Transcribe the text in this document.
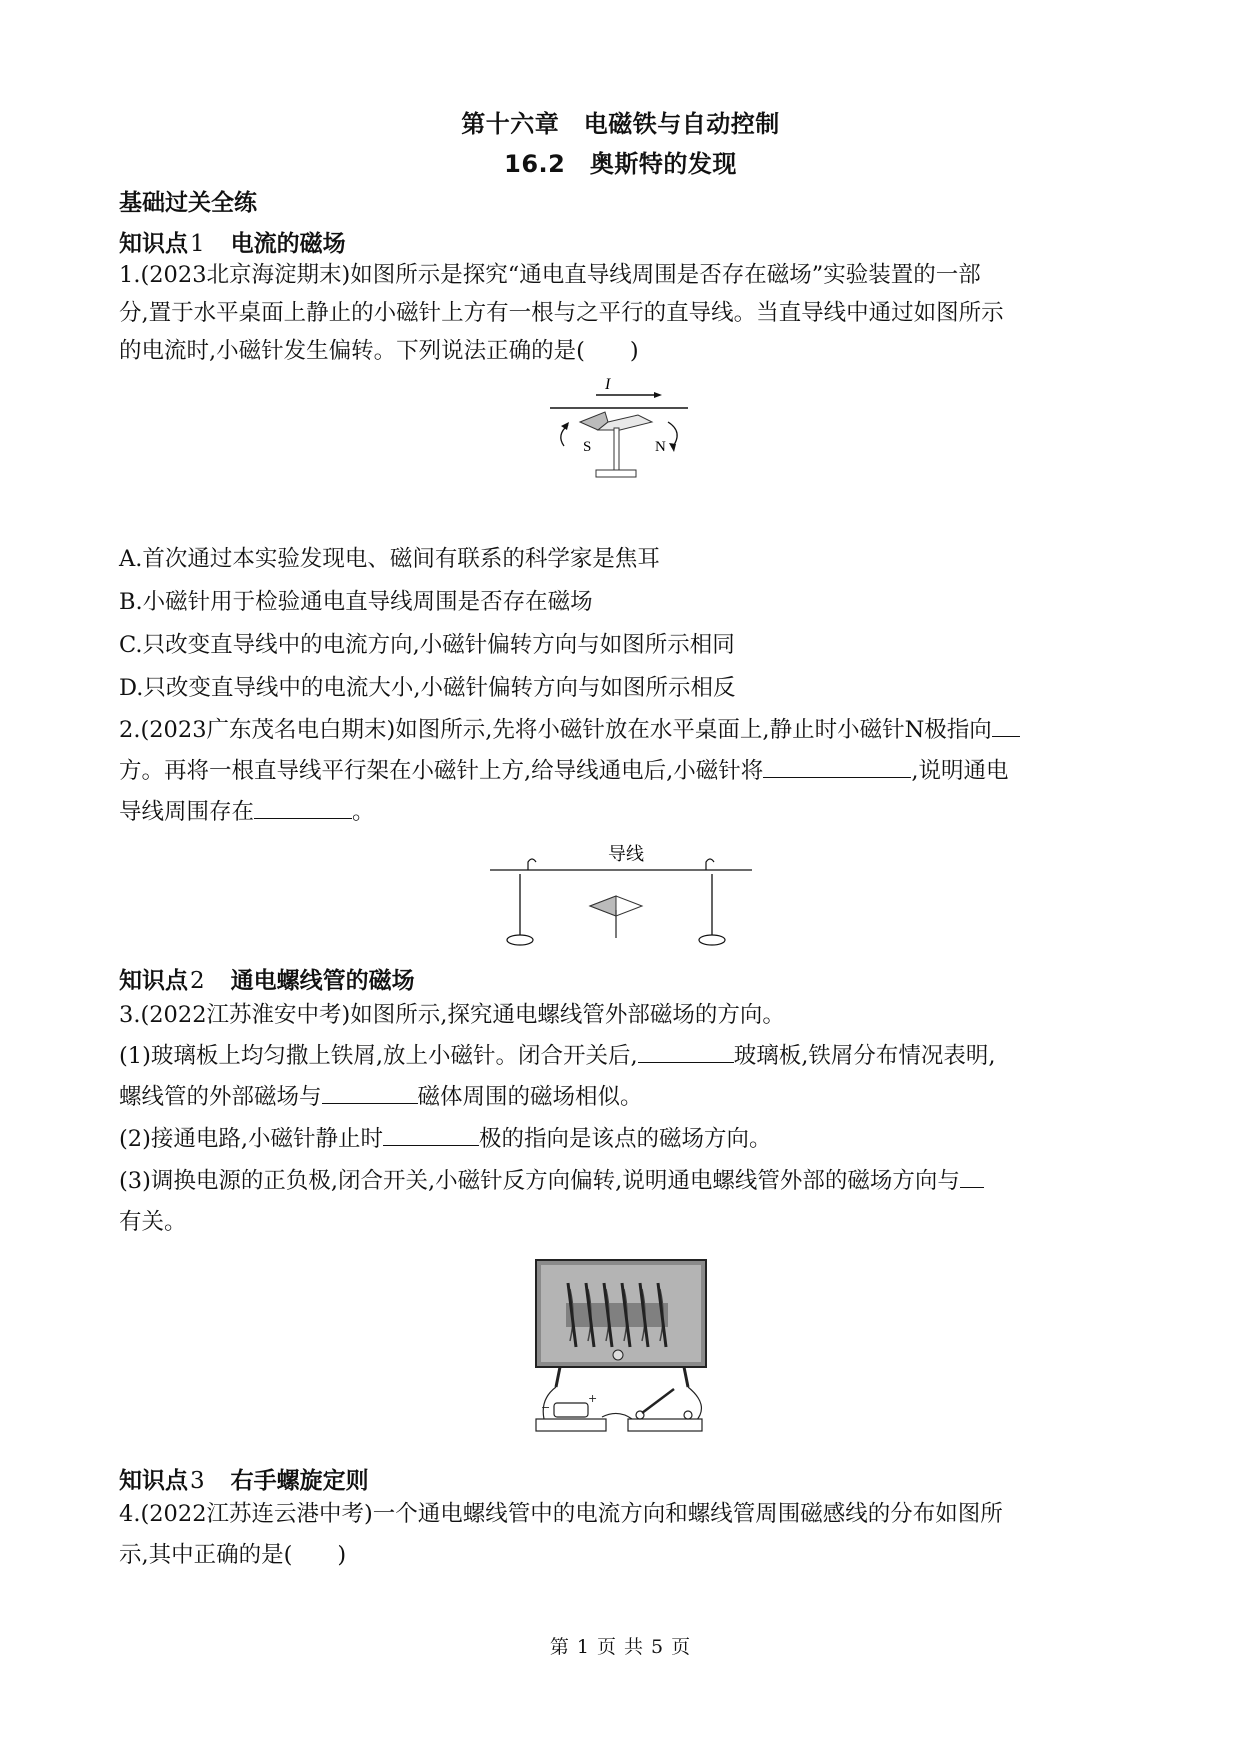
第十六章　电磁铁与自动控制
16.2　奥斯特的发现
基础过关全练
知识点1 电流的磁场
1.(2023北京海淀期末)如图所示是探究“通电直导线周围是否存在磁场”实验装置的一部
分,置于水平桌面上静止的小磁针上方有一根与之平行的直导线。当直导线中通过如图所示
的电流时,小磁针发生偏转。下列说法正确的是(　　)
I
S	N
A.首次通过本实验发现电、磁间有联系的科学家是焦耳
B.小磁针用于检验通电直导线周围是否存在磁场
C.只改变直导线中的电流方向,小磁针偏转方向与如图所示相同
D.只改变直导线中的电流大小,小磁针偏转方向与如图所示相反
2.(2023广东茂名电白期末)如图所示,先将小磁针放在水平桌面上,静止时小磁针N极指向
方。再将一根直导线平行架在小磁针上方,给导线通电后,小磁针将	,说明通电
导线周围存在	。
导线
知识点2 通电螺线管的磁场
3.(2022江苏淮安中考)如图所示,探究通电螺线管外部磁场的方向。
(1)玻璃板上均匀撒上铁屑,放上小磁针。闭合开关后,	玻璃板,铁屑分布情况表明,
螺线管的外部磁场与	磁体周围的磁场相似。
(2)接通电路,小磁针静止时	极的指向是该点的磁场方向。
(3)调换电源的正负极,闭合开关,小磁针反方向偏转,说明通电螺线管外部的磁场方向与
有关。
−
+
知识点3 右手螺旋定则
4.(2022江苏连云港中考)一个通电螺线管中的电流方向和螺线管周围磁感线的分布如图所
示,其中正确的是(　　)
第 1 页 共 5 页
